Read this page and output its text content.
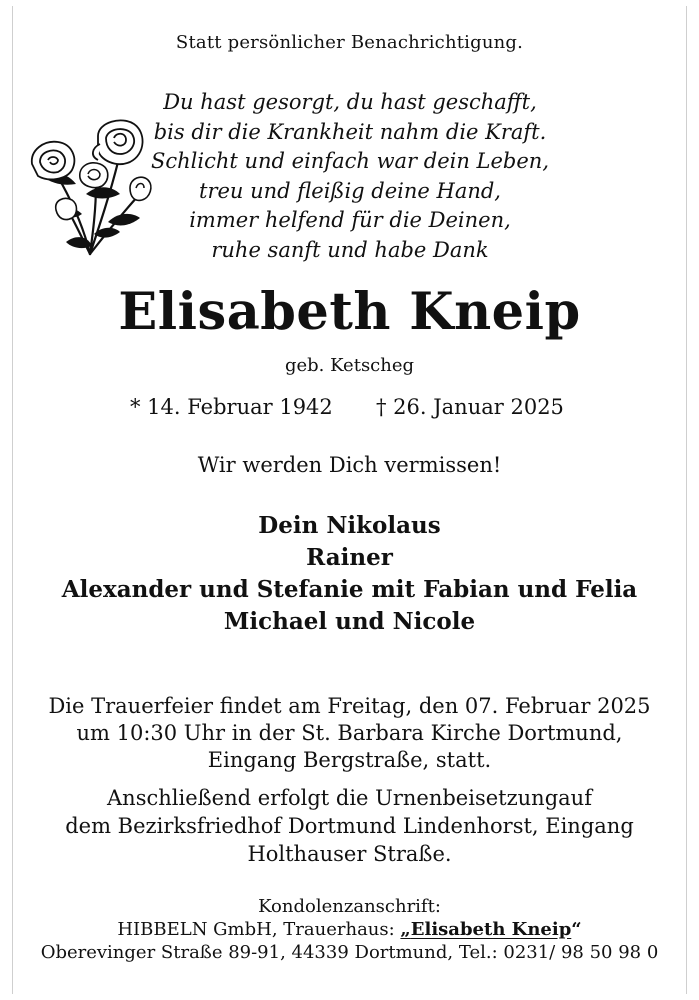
Statt persönlicher Benachrichtigung.
Du hast gesorgt, du hast geschafft,
bis dir die Krankheit nahm die Kraft.
Schlicht und einfach war dein Leben,
treu und fleißig deine Hand,
immer helfend für die Deinen,
ruhe sanft und habe Dank
Elisabeth Kneip
geb. Ketscheg
* 14. Februar 1942 † 26. Januar 2025
Wir werden Dich vermissen!
Dein Nikolaus
Rainer
Alexander und Stefanie mit Fabian und Felia
Michael und Nicole
Die Trauerfeier findet am Freitag, den 07. Februar 2025
um 10:30 Uhr in der St. Barbara Kirche Dortmund,
Eingang Bergstraße, statt.
Anschließend erfolgt die Urnenbeisetzungauf
dem Bezirksfriedhof Dortmund Lindenhorst, Eingang
Holthauser Straße.
Kondolenzanschrift:
HIBBELN GmbH, Trauerhaus: „Elisabeth Kneip“
Oberevinger Straße 89-91, 44339 Dortmund, Tel.: 0231/ 98 50 98 0
